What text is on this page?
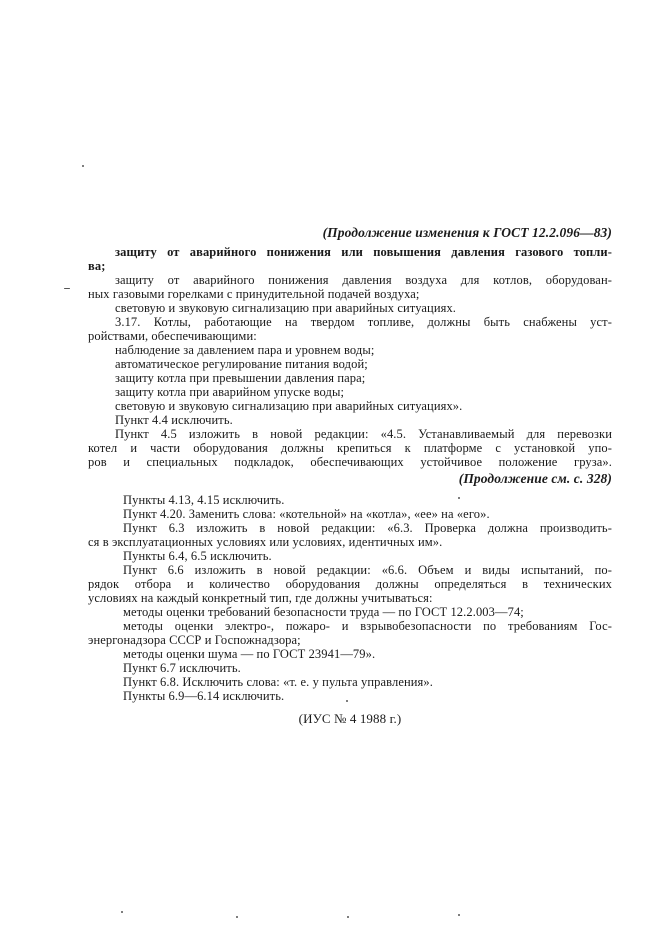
(Продолжение изменения к ГОСТ 12.2.096—83)
защиту от аварийного понижения или повышения давления газового топли-
ва;
защиту от аварийного понижения давления воздуха для котлов, оборудован-
ных газовыми горелками с принудительной подачей воздуха;
световую и звуковую сигнализацию при аварийных ситуациях.
3.17. Котлы, работающие на твердом топливе, должны быть снабжены уст-
ройствами, обеспечивающими:
наблюдение за давлением пара и уровнем воды;
автоматическое регулирование питания водой;
защиту котла при превышении давления пара;
защиту котла при аварийном упуске воды;
световую и звуковую сигнализацию при аварийных ситуациях».
Пункт 4.4 исключить.
Пункт 4.5 изложить в новой редакции: «4.5. Устанавливаемый для перевозки
котел и части оборудования должны крепиться к платформе с установкой упо-
ров и специальных подкладок, обеспечивающих устойчивое положение груза».
(Продолжение см. с. 328)
Пункты 4.13, 4.15 исключить.
Пункт 4.20. Заменить слова: «котельной» на «котла», «ее» на «его».
Пункт 6.3 изложить в новой редакции: «6.3. Проверка должна производить-
ся в эксплуатационных условиях или условиях, идентичных им».
Пункты 6.4, 6.5 исключить.
Пункт 6.6 изложить в новой редакции: «6.6. Объем и виды испытаний, по-
рядок отбора и количество оборудования должны определяться в технических
условиях на каждый конкретный тип, где должны учитываться:
методы оценки требований безопасности труда — по ГОСТ 12.2.003—74;
методы оценки электро-, пожаро- и взрывобезопасности по требованиям Гос-
энергонадзора СССР и Госпожнадзора;
методы оценки шума — по ГОСТ 23941—79».
Пункт 6.7 исключить.
Пункт 6.8. Исключить слова: «т. е. у пульта управления».
Пункты 6.9—6.14 исключить.
(ИУС № 4 1988 г.)
